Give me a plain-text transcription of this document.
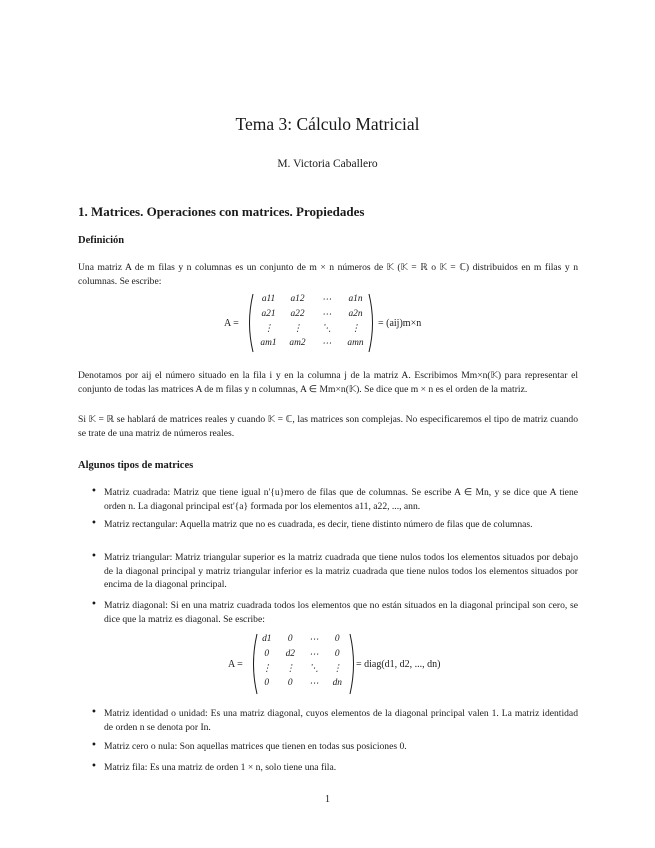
Tema 3: Cálculo Matricial
M. Victoria Caballero
1. Matrices. Operaciones con matrices. Propiedades
Definición
Una matriz A de m filas y n columnas es un conjunto de m × n números de 𝕂 (𝕂 = ℝ o 𝕂 = ℂ) distribuidos en m filas y n columnas. Se escribe:
A =
a11	a12	⋯	a1n
a21	a22	⋯	a2n
⋮	⋮	⋱	⋮
am1	am2	⋯	amn
= (aij)m×n
Denotamos por aij el número situado en la fila i y en la columna j de la matriz A. Escribimos Mm×n(𝕂) para representar el conjunto de todas las matrices A de m filas y n columnas, A ∈ Mm×n(𝕂). Se dice que m × n es el orden de la matriz.
Si 𝕂 = ℝ se hablará de matrices reales y cuando 𝕂 = ℂ, las matrices son complejas. No especificaremos el tipo de matriz cuando se trate de una matriz de números reales.
Algunos tipos de matrices
• Matriz cuadrada: Matriz que tiene igual n'{u}mero de filas que de columnas. Se escribe A ∈ Mn, y se dice que A tiene orden n. La diagonal principal est'{a} formada por los elementos a11, a22, ..., ann.
• Matriz rectangular: Aquella matriz que no es cuadrada, es decir, tiene distinto número de filas que de columnas.
• Matriz triangular: Matriz triangular superior es la matriz cuadrada que tiene nulos todos los elementos situados por debajo de la diagonal principal y matriz triangular inferior es la matriz cuadrada que tiene nulos todos los elementos situados por encima de la diagonal principal.
• Matriz diagonal: Si en una matriz cuadrada todos los elementos que no están situados en la diagonal principal son cero, se dice que la matriz es diagonal. Se escribe:
A =
d1	0	⋯	0
0	d2	⋯	0
⋮	⋮	⋱	⋮
0	0	⋯	dn
= diag(d1, d2, ..., dn)
• Matriz identidad o unidad: Es una matriz diagonal, cuyos elementos de la diagonal principal valen 1. La matriz identidad de orden n se denota por In.
• Matriz cero o nula: Son aquellas matrices que tienen en todas sus posiciones 0.
• Matriz fila: Es una matriz de orden 1 × n, solo tiene una fila.
1
